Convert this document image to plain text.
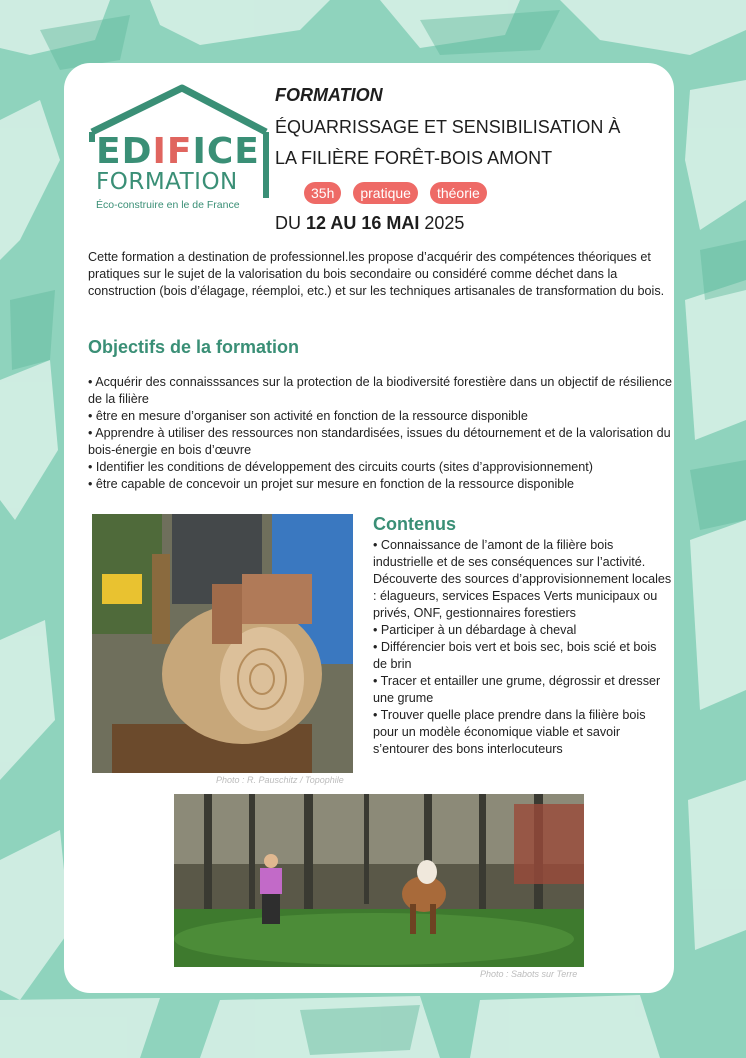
EDIFICE
FORMATION
Éco-construire en le de France

FORMATION

ÉQUARRISSAGE ET SENSIBILISATION À
LA FILIÈRE FORÊT-BOIS AMONT

35h	pratique	théorie
DU 12 AU 16 MAI 2025

Cette formation a destination de professionnel.les propose d’acquérir des compétences théoriques et pratiques sur le sujet de la valorisation du bois secondaire ou considéré comme déchet dans la construction (bois d’élagage, réemploi, etc.) et sur les techniques artisanales de transformation du bois.

Objectifs de la formation
• Acquérir des connaisssances sur la protection de la biodiversité forestière dans un objectif de résilience de la filière
• être en mesure d’organiser son activité en fonction de la ressource disponible
• Apprendre à utiliser des ressources non standardisées, issues du détournement et de la valorisation du bois-énergie en bois d’œuvre
• Identifier les conditions de développement des circuits courts (sites d’approvisionnement)
• être capable de concevoir un projet sur mesure en fonction de la ressource disponible
Photo : R. Pauschitz / Topophile
Contenus
• Connaissance de l’amont de la filière bois industrielle et de ses conséquences sur l’activité. Découverte des sources d’approvisionnement locales : élagueurs, services Espaces Verts municipaux ou privés, ONF, gestionnaires forestiers
• Participer à un débardage à cheval
• Différencier bois vert et bois sec, bois scié et bois de brin
• Tracer et entailler une grume, dégrossir et dresser une grume
• Trouver quelle place prendre dans la filière bois pour un modèle économique viable et savoir s’entourer des bons interlocuteurs
Photo : Sabots sur Terre
